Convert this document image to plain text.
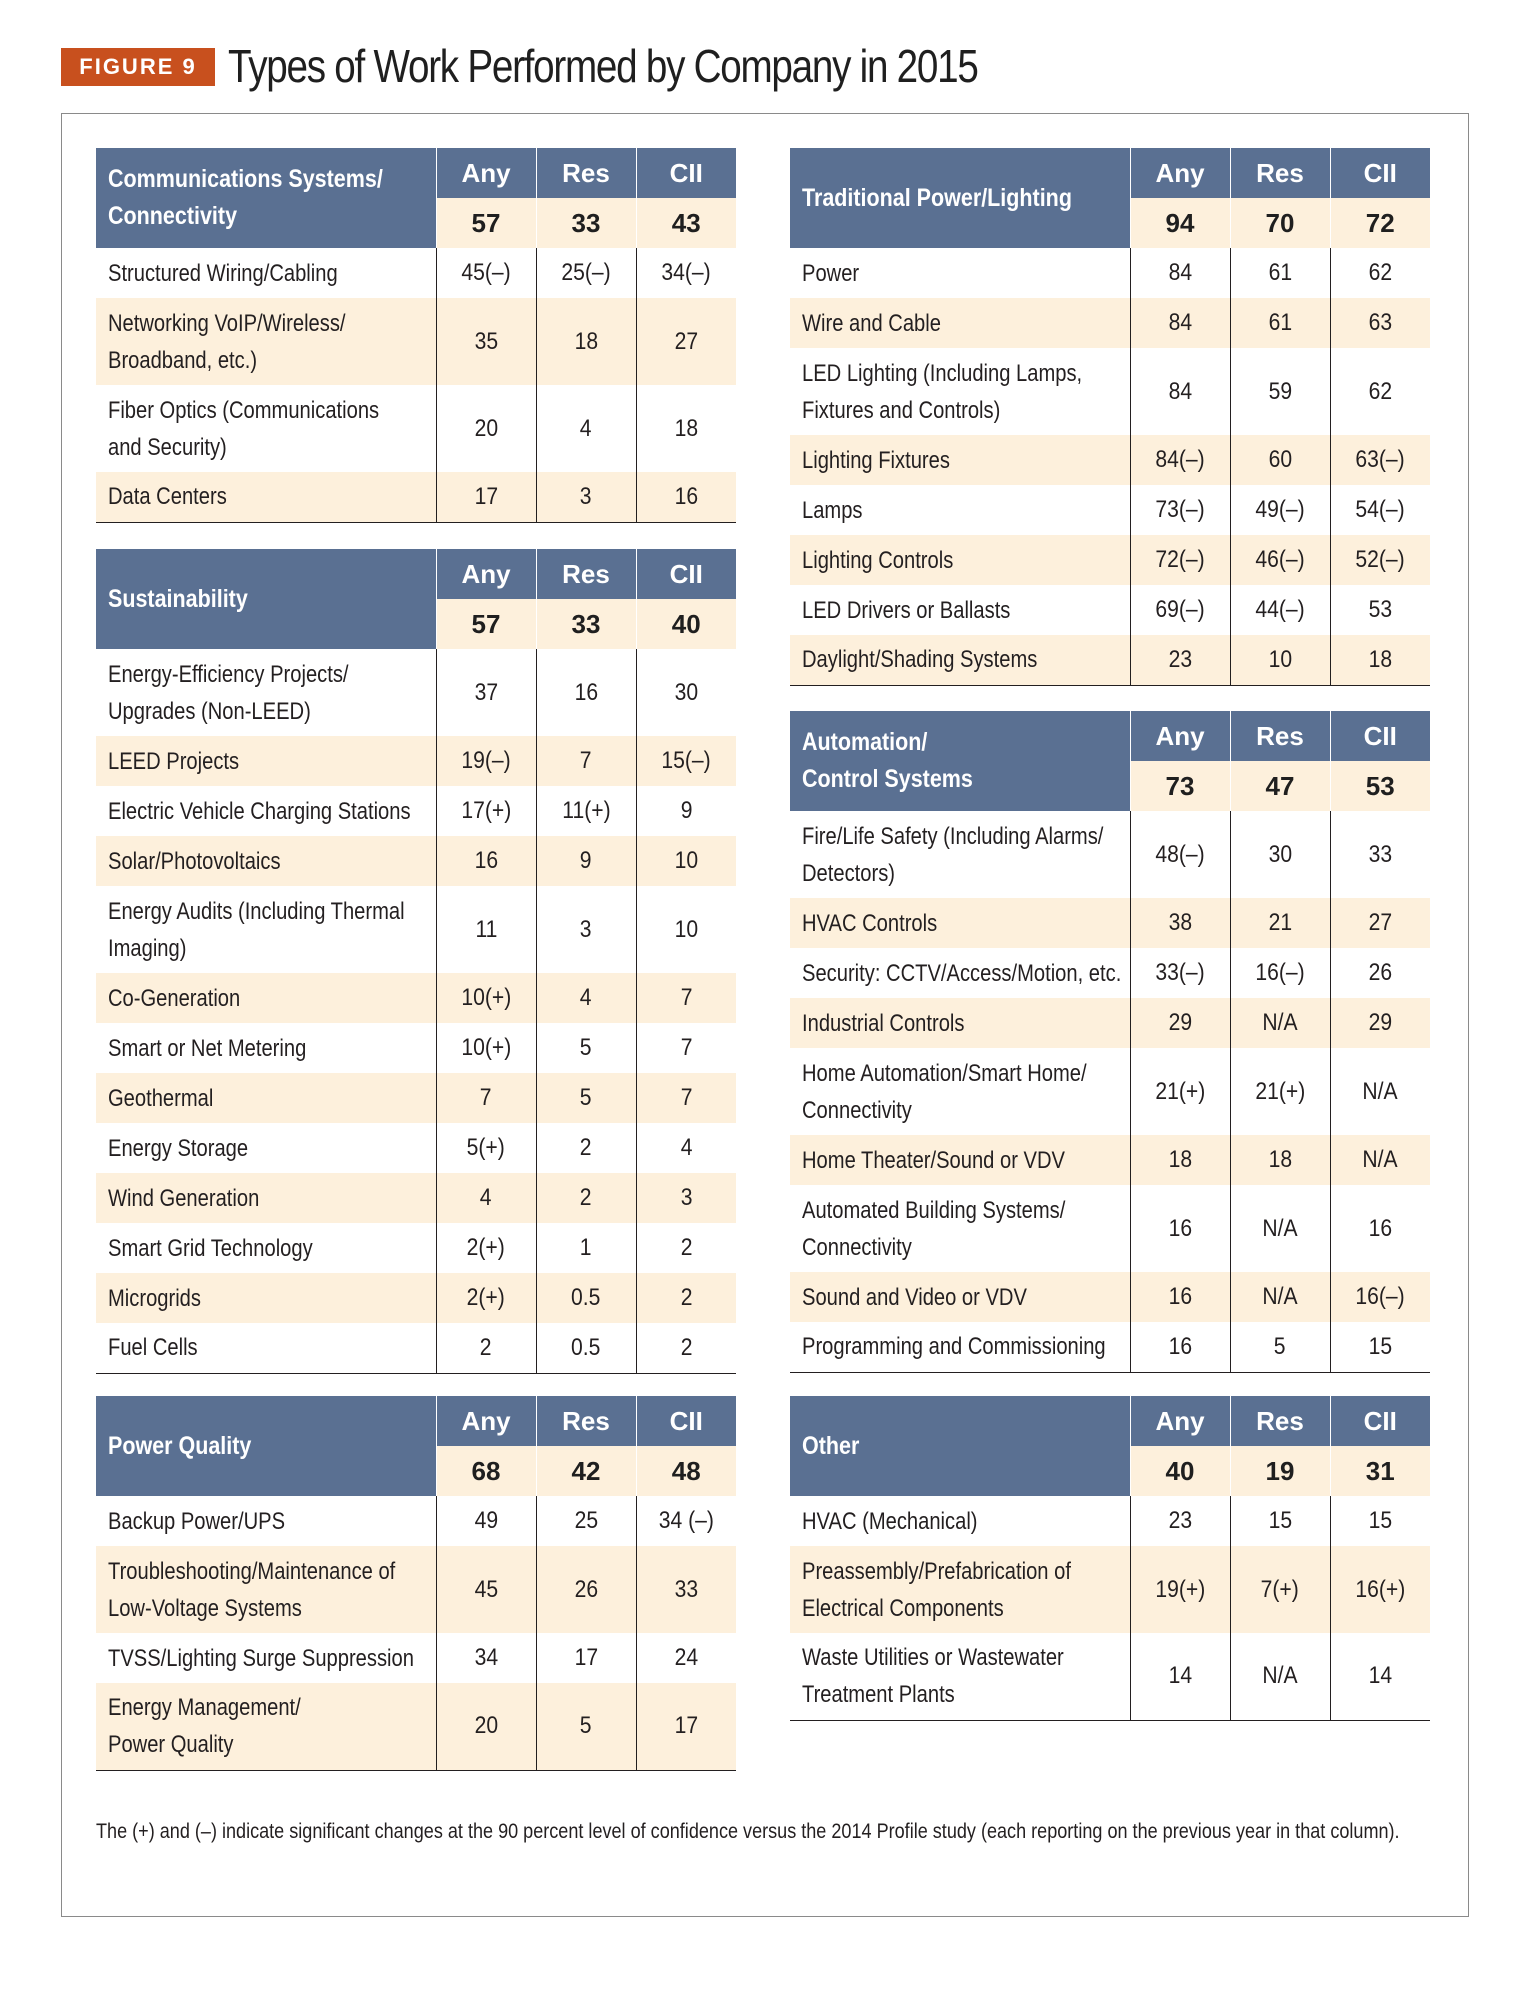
FIGURE 9 Types of Work Performed by Company in 2015
Communications Systems/
Connectivity	Any	Res	CII
	57	33	43
Structured Wiring/Cabling	45(–)	25(–)	34(–)
Networking VoIP/Wireless/
Broadband, etc.)	35	18	27
Fiber Optics (Communications
and Security)	20	4	18
Data Centers	17	3	16
Sustainability	Any	Res	CII
	57	33	40
Energy-Efficiency Projects/
Upgrades (Non-LEED)	37	16	30
LEED Projects	19(–)	7	15(–)
Electric Vehicle Charging Stations	17(+)	11(+)	9
Solar/Photovoltaics	16	9	10
Energy Audits (Including Thermal
Imaging)	11	3	10
Co-Generation	10(+)	4	7
Smart or Net Metering	10(+)	5	7
Geothermal	7	5	7
Energy Storage	5(+)	2	4
Wind Generation	4	2	3
Smart Grid Technology	2(+)	1	2
Microgrids	2(+)	0.5	2
Fuel Cells	2	0.5	2
Power Quality	Any	Res	CII
	68	42	48
Backup Power/UPS	49	25	34 (–)
Troubleshooting/Maintenance of
Low-Voltage Systems	45	26	33
TVSS/Lighting Surge Suppression	34	17	24
Energy Management/
Power Quality	20	5	17
Traditional Power/Lighting	Any	Res	CII
	94	70	72
Power	84	61	62
Wire and Cable	84	61	63
LED Lighting (Including Lamps,
Fixtures and Controls)	84	59	62
Lighting Fixtures	84(–)	60	63(–)
Lamps	73(–)	49(–)	54(–)
Lighting Controls	72(–)	46(–)	52(–)
LED Drivers or Ballasts	69(–)	44(–)	53
Daylight/Shading Systems	23	10	18
Automation/
Control Systems	Any	Res	CII
	73	47	53
Fire/Life Safety (Including Alarms/
Detectors)	48(–)	30	33
HVAC Controls	38	21	27
Security: CCTV/Access/Motion, etc.	33(–)	16(–)	26
Industrial Controls	29	N/A	29
Home Automation/Smart Home/
Connectivity	21(+)	21(+)	N/A
Home Theater/Sound or VDV	18	18	N/A
Automated Building Systems/
Connectivity	16	N/A	16
Sound and Video or VDV	16	N/A	16(–)
Programming and Commissioning	16	5	15
Other	Any	Res	CII
	40	19	31
HVAC (Mechanical)	23	15	15
Preassembly/Prefabrication of
Electrical Components	19(+)	7(+)	16(+)
Waste Utilities or Wastewater
Treatment Plants	14	N/A	14
The (+) and (–) indicate significant changes at the 90 percent level of confidence versus the 2014 Profile study (each reporting on the previous year in that column).
